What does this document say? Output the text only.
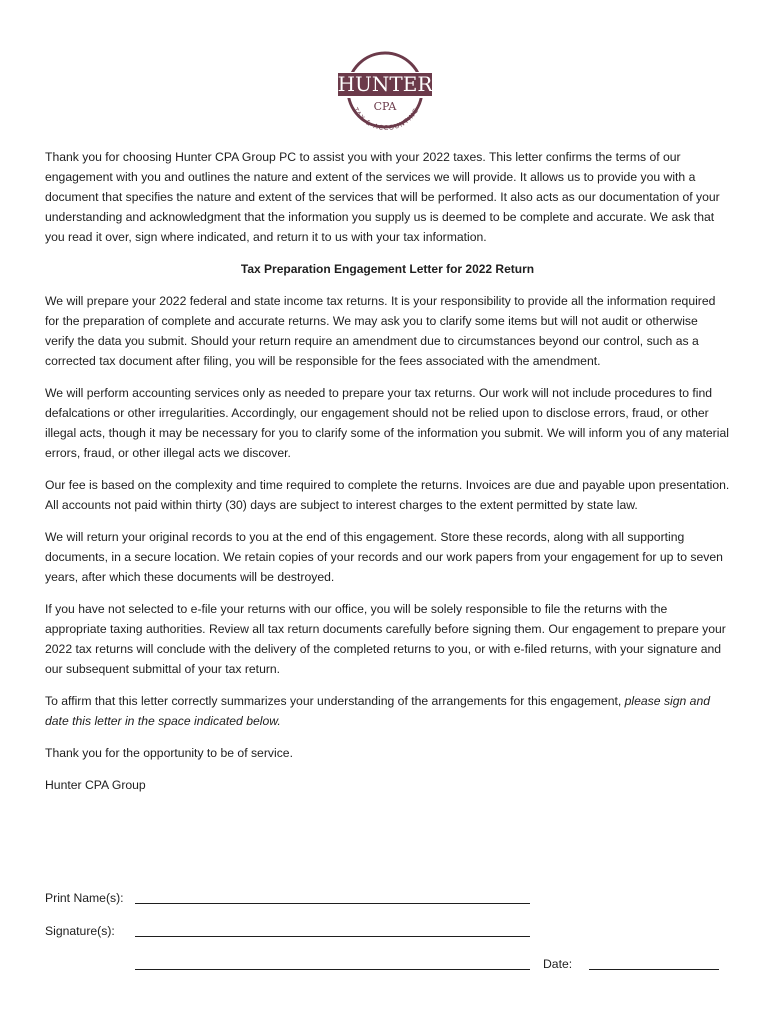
HUNTER
CPA
TAX & ACCOUNTING

Thank you for choosing Hunter CPA Group PC to assist you with your 2022 taxes. This letter confirms the terms of our engagement with you and outlines the nature and extent of the services we will provide. It allows us to provide you with a document that specifies the nature and extent of the services that will be performed. It also acts as our documentation of your understanding and acknowledgment that the information you supply us is deemed to be complete and accurate. We ask that you read it over, sign where indicated, and return it to us with your tax information.

Tax Preparation Engagement Letter for 2022 Return

We will prepare your 2022 federal and state income tax returns. It is your responsibility to provide all the information required for the preparation of complete and accurate returns. We may ask you to clarify some items but will not audit or otherwise verify the data you submit. Should your return require an amendment due to circumstances beyond our control, such as a corrected tax document after filing, you will be responsible for the fees associated with the amendment.

We will perform accounting services only as needed to prepare your tax returns. Our work will not include procedures to find defalcations or other irregularities. Accordingly, our engagement should not be relied upon to disclose errors, fraud, or other illegal acts, though it may be necessary for you to clarify some of the information you submit. We will inform you of any material errors, fraud, or other illegal acts we discover.

Our fee is based on the complexity and time required to complete the returns. Invoices are due and payable upon presentation. All accounts not paid within thirty (30) days are subject to interest charges to the extent permitted by state law.

We will return your original records to you at the end of this engagement. Store these records, along with all supporting documents, in a secure location. We retain copies of your records and our work papers from your engagement for up to seven years, after which these documents will be destroyed.

If you have not selected to e-file your returns with our office, you will be solely responsible to file the returns with the appropriate taxing authorities. Review all tax return documents carefully before signing them. Our engagement to prepare your 2022 tax returns will conclude with the delivery of the completed returns to you, or with e-filed returns, with your signature and our subsequent submittal of your tax return.

To affirm that this letter correctly summarizes your understanding of the arrangements for this engagement, please sign and date this letter in the space indicated below.

Thank you for the opportunity to be of service.

Hunter CPA Group

Print Name(s):
Signature(s):
Date:
